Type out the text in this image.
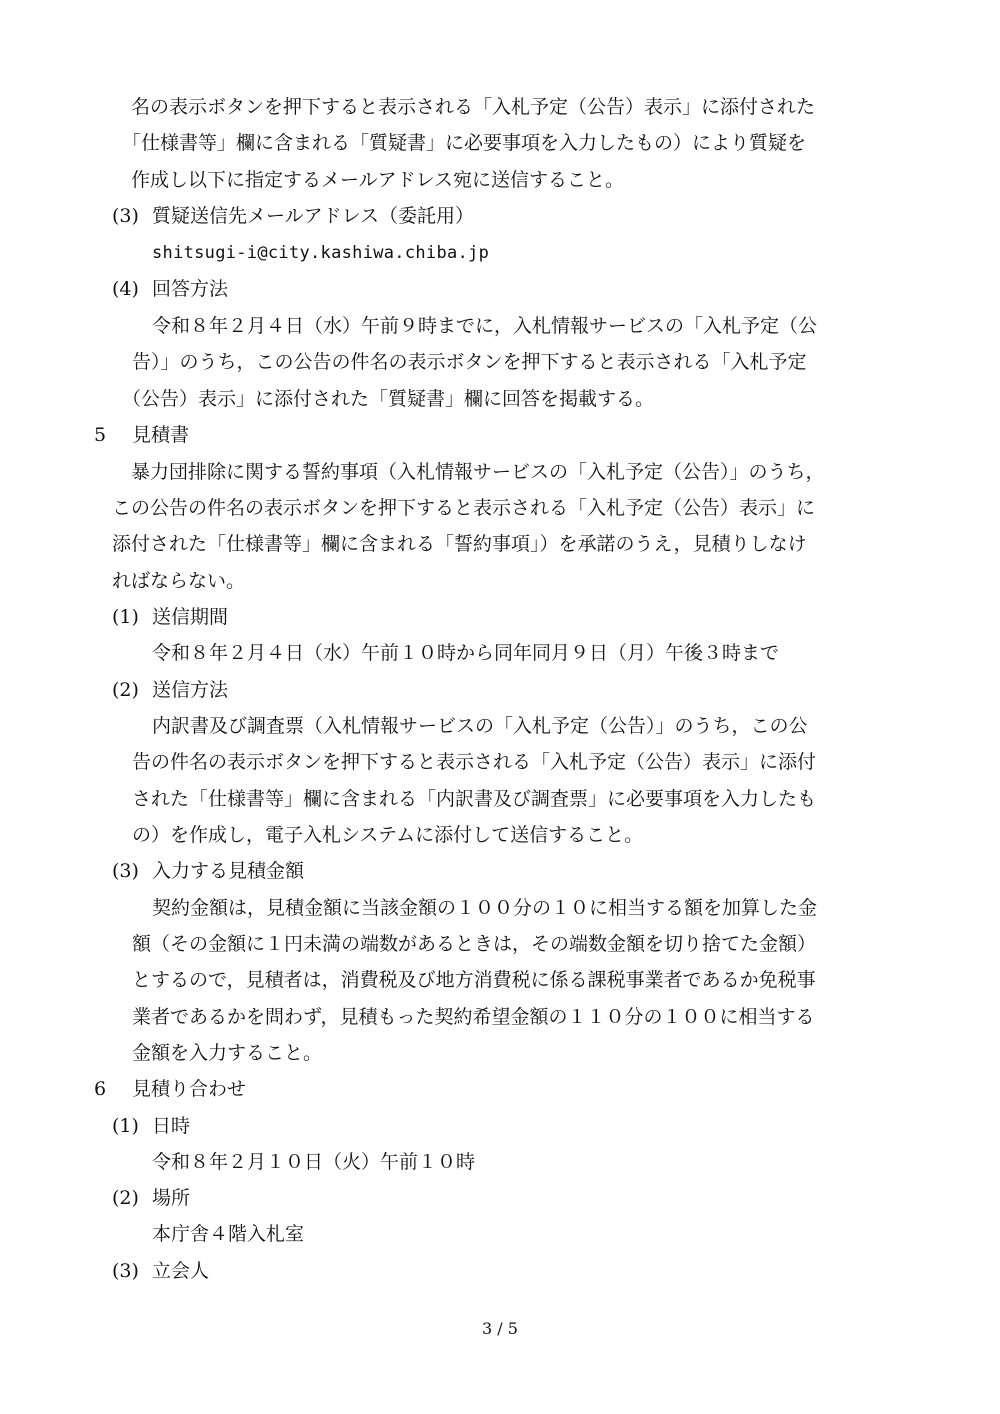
名の表示ボタンを押下すると表示される「入札予定（公告）表示」に添付された
「仕様書等」欄に含まれる「質疑書」に必要事項を入力したもの）により質疑を
作成し以下に指定するメールアドレス宛に送信すること。
(3) 質疑送信先メールアドレス（委託用）
shitsugi-i@city.kashiwa.chiba.jp
(4) 回答方法
令和８年２月４日（水）午前９時までに，入札情報サービスの「入札予定（公
告）」のうち，この公告の件名の表示ボタンを押下すると表示される「入札予定
（公告）表示」に添付された「質疑書」欄に回答を掲載する。
5 見積書
暴力団排除に関する誓約事項（入札情報サービスの「入札予定（公告）」のうち，
この公告の件名の表示ボタンを押下すると表示される「入札予定（公告）表示」に
添付された「仕様書等」欄に含まれる「誓約事項」）を承諾のうえ，見積りしなけ
ればならない。
(1) 送信期間
令和８年２月４日（水）午前１０時から同年同月９日（月）午後３時まで
(2) 送信方法
内訳書及び調査票（入札情報サービスの「入札予定（公告）」のうち，この公
告の件名の表示ボタンを押下すると表示される「入札予定（公告）表示」に添付
された「仕様書等」欄に含まれる「内訳書及び調査票」に必要事項を入力したも
の）を作成し，電子入札システムに添付して送信すること。
(3) 入力する見積金額
契約金額は，見積金額に当該金額の１００分の１０に相当する額を加算した金
額（その金額に１円未満の端数があるときは，その端数金額を切り捨てた金額）
とするので，見積者は，消費税及び地方消費税に係る課税事業者であるか免税事
業者であるかを問わず，見積もった契約希望金額の１１０分の１００に相当する
金額を入力すること。
6 見積り合わせ
(1) 日時
令和８年２月１０日（火）午前１０時
(2) 場所
本庁舎４階入札室
(3) 立会人
3 / 5
